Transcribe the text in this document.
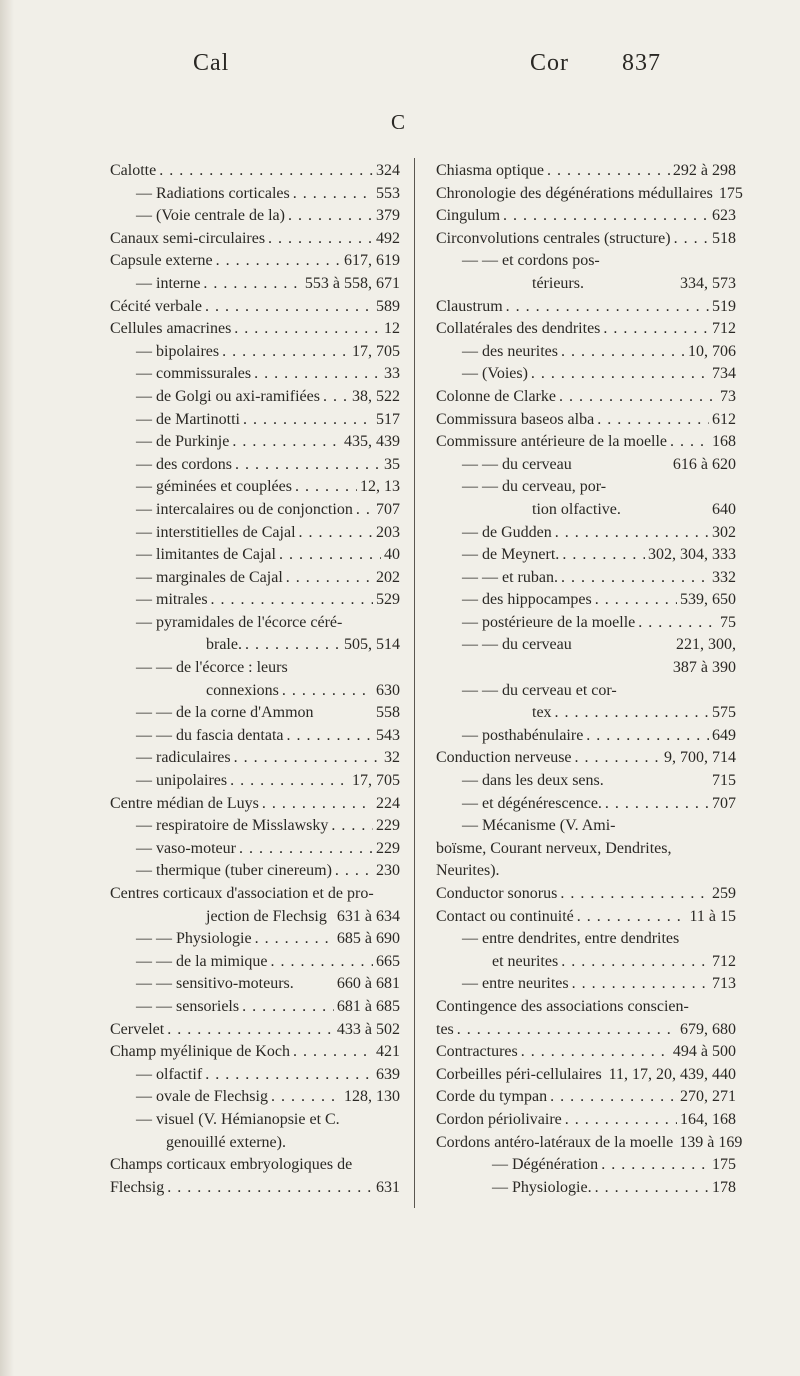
Cal	Cor 837
C
Calotte . . .	324
— Radiations corticales . . .	553
— (Voie centrale de la) . . .	379
Canaux semi-circulaires . . .	492
Capsule externe . . .	617, 619
— interne . . .	553 à 558, 671
Cécité verbale . . .	589
Cellules amacrines . . .	12
— bipolaires . . .	17, 705
— commissurales . . .	33
— de Golgi ou axi-ramifiées . . . 38, 522
— de Martinotti . . .	517
— de Purkinje . . .	435, 439
— des cordons . . .	35
— géminées et couplées . . .	12, 13
— intercalaires ou de conjonction . . . 707
— interstitielles de Cajal . . .	203
— limitantes de Cajal . . .	40
— marginales de Cajal . . .	202
— mitrales . . .	529
— pyramidales de l'écorce céré-
brale. . . .	505, 514
— — de l'écorce : leurs
connexions . . .	630
— — de la corne d'Ammon	558
— — du fascia dentata . . .	543
— radiculaires . . .	32
— unipolaires . . .	17, 705
Centre médian de Luys . . .	224
— respiratoire de Misslawsky . . .	229
— vaso-moteur . . .	229
— thermique (tuber cinereum) . . .	230
Centres corticaux d'association et de pro-
jection de Flechsig 631 à 634
— — Physiologie . . .	685 à 690
— — de la mimique . . .	665
— — sensitivo-moteurs.	660 à 681
— — sensoriels . . .	681 à 685
Cervelet . . .	433 à 502
Champ myélinique de Koch . . .	421
— olfactif . . .	639
— ovale de Flechsig . . .	128, 130
— visuel (V. Hémianopsie et C.
genouillé externe).
Champs corticaux embryologiques de
Flechsig . . .	631
Chiasma optique . . .	292 à 298
Chronologie des dégénérations médullaires 175
Cingulum . . .	623
Circonvolutions centrales (structure) . . .	518
— — et cordons pos-
térieurs.	334, 573
Claustrum . . .	519
Collatérales des dendrites . . .	712
— des neurites . . .	10, 706
— (Voies) . . .	734
Colonne de Clarke . . .	73
Commissura baseos alba . . .	612
Commissure antérieure de la moelle . . .	168
— — du cerveau	616 à 620
— — du cerveau, por-
tion olfactive.	640
— de Gudden . . .	302
— de Meynert. . . .	302, 304, 333
— — et ruban. . . .	332
— des hippocampes . . .	539, 650
— postérieure de la moelle . . .	75
— — du cerveau	221, 300,
387 à 390
— — du cerveau et cor-
tex . . .	575
— posthabénulaire . . .	649
Conduction nerveuse . . .	9, 700, 714
— dans les deux sens.	715
— et dégénérescence. . . .	707
— Mécanisme (V. Ami-
boïsme, Courant nerveux, Dendrites,
Neurites).
Conductor sonorus . . .	259
Contact ou continuité . . .	11 à 15
— entre dendrites, entre dendrites
et neurites . . .	712
— entre neurites . . .	713
Contingence des associations conscien-
tes . . .	679, 680
Contractures . . .	494 à 500
Corbeilles péri-cellulaires 11, 17, 20, 439, 440
Corde du tympan . . .	270, 271
Cordon périolivaire . . .	164, 168
Cordons antéro-latéraux de la moelle 139 à 169
— Dégénération . . .	175
— Physiologie. . . .	178
